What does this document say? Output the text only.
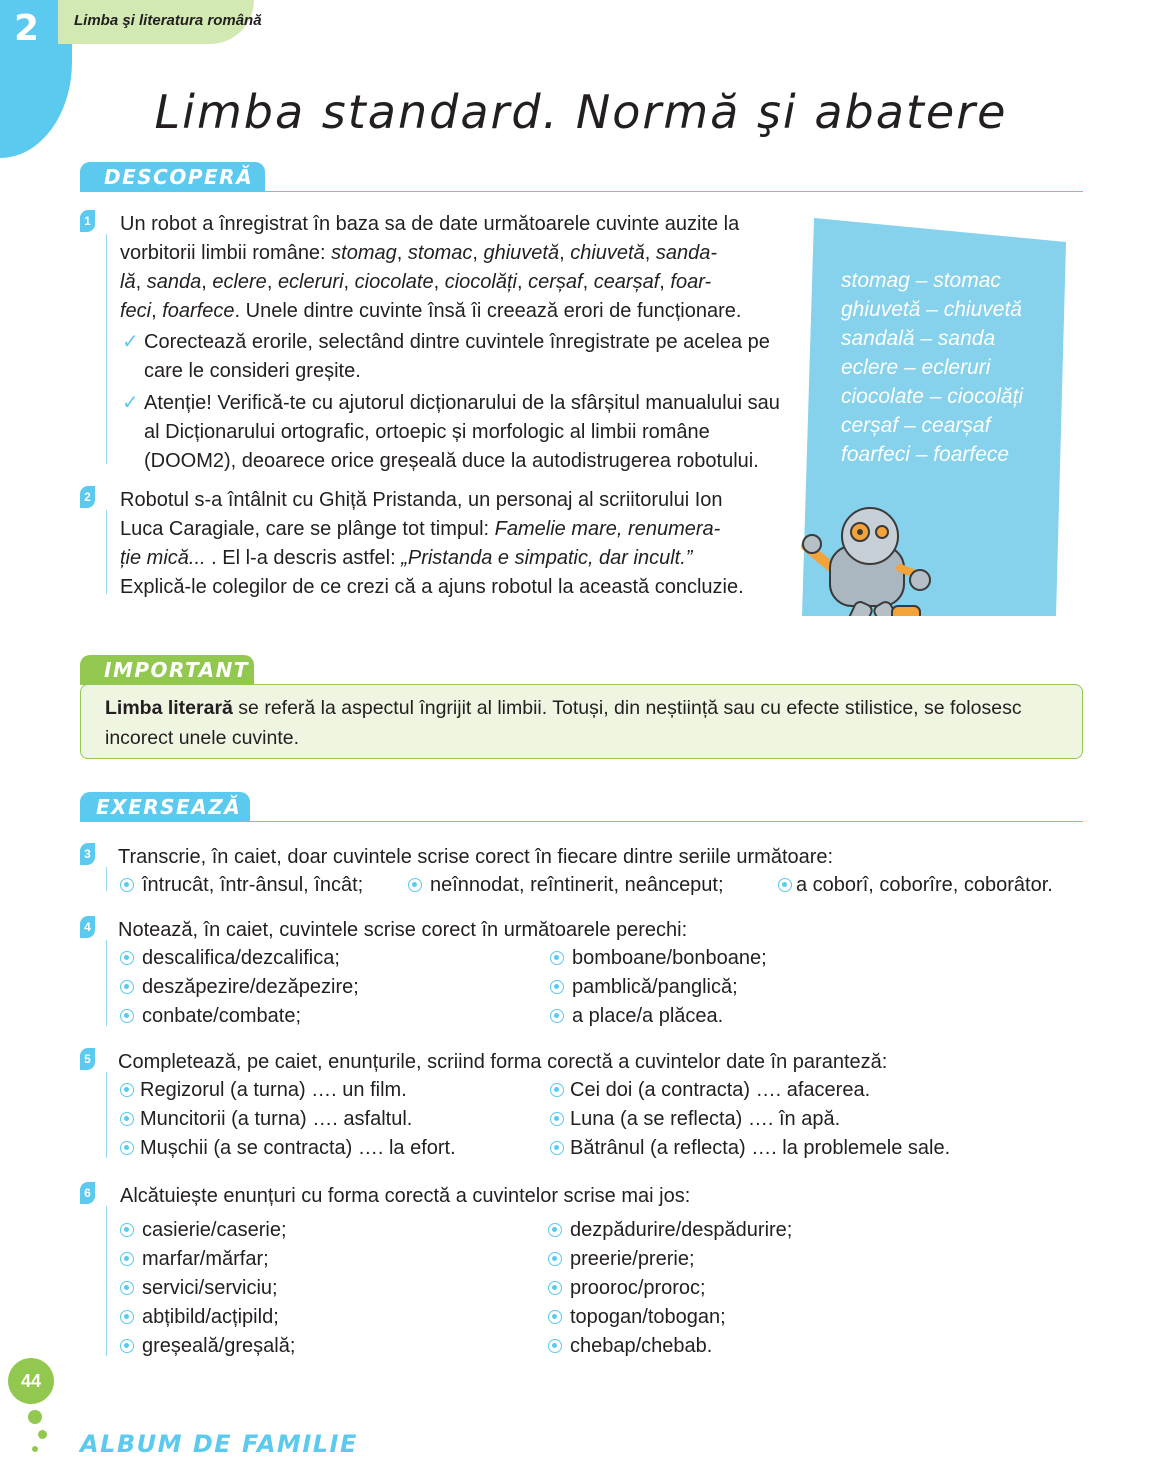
2 Limba şi literatura română
Limba standard. Normă şi abatere
DESCOPERĂ !
1 Un robot a înregistrat în baza sa de date următoarele cuvinte auzite la
vorbitorii limbii române: stomag, stomac, ghiuvetă, chiuvetă, sanda-
lă, sanda, eclere, ecleruri, ciocolate, ciocolăți, cerșaf, cearșaf, foar-
feci, foarfece. Unele dintre cuvinte însă îi creează erori de funcționare.
✓ Corectează erorile, selectând dintre cuvintele înregistrate pe acelea pe care le consideri greșite.
✓ Atenție! Verifică-te cu ajutorul dicționarului de la sfârșitul manualului sau al Dicționarului ortografic, ortoepic și morfologic al limbii române (DOOM2), deoarece orice greșeală duce la autodistrugerea robotului.
2 Robotul s-a întâlnit cu Ghiță Pristanda, un personaj al scriitorului Ion
Luca Caragiale, care se plânge tot timpul: Famelie mare, renumera-
ție mică... . El l-a descris astfel: „Pristanda e simpatic, dar incult.”
Explică-le colegilor de ce crezi că a ajuns robotul la această concluzie.
stomag – stomac
ghiuvetă – chiuvetă
sandală – sanda
eclere – ecleruri
ciocolate – ciocolăți
cerșaf – cearșaf
foarfeci – foarfece
IMPORTANT
Limba literară se referă la aspectul îngrijit al limbii. Totuși, din neștiință sau cu efecte stilistice, se folosesc incorect unele cuvinte.
EXERSEAZĂ !
3 Transcrie, în caiet, doar cuvintele scrise corect în fiecare dintre seriile următoare:
întrucât, într-ânsul, încât;	neînnodat, reîntinerit, neânceput;	a coborî, coborîre, coborâtor.
4 Notează, în caiet, cuvintele scrise corect în următoarele perechi:
descalifica/dezcalifica;
deszăpezire/dezăpezire;
conbate/combate;
bomboane/bonboane;
pamblică/panglică;
a place/a plăcea.
5 Completează, pe caiet, enunțurile, scriind forma corectă a cuvintelor date în paranteză:
Regizorul (a turna) …. un film.
Muncitorii (a turna) …. asfaltul.
Mușchii (a se contracta) …. la efort.
Cei doi (a contracta) …. afacerea.
Luna (a se reflecta) …. în apă.
Bătrânul (a reflecta) …. la problemele sale.
6 Alcătuiește enunțuri cu forma corectă a cuvintelor scrise mai jos:
casierie/caserie;
marfar/mărfar;
servici/serviciu;
abțibild/acțipild;
greșeală/greșală;
dezpădurire/despădurire;
preerie/prerie;
prooroc/proroc;
topogan/tobogan;
chebap/chebab.
44
ALBUM DE FAMILIE
